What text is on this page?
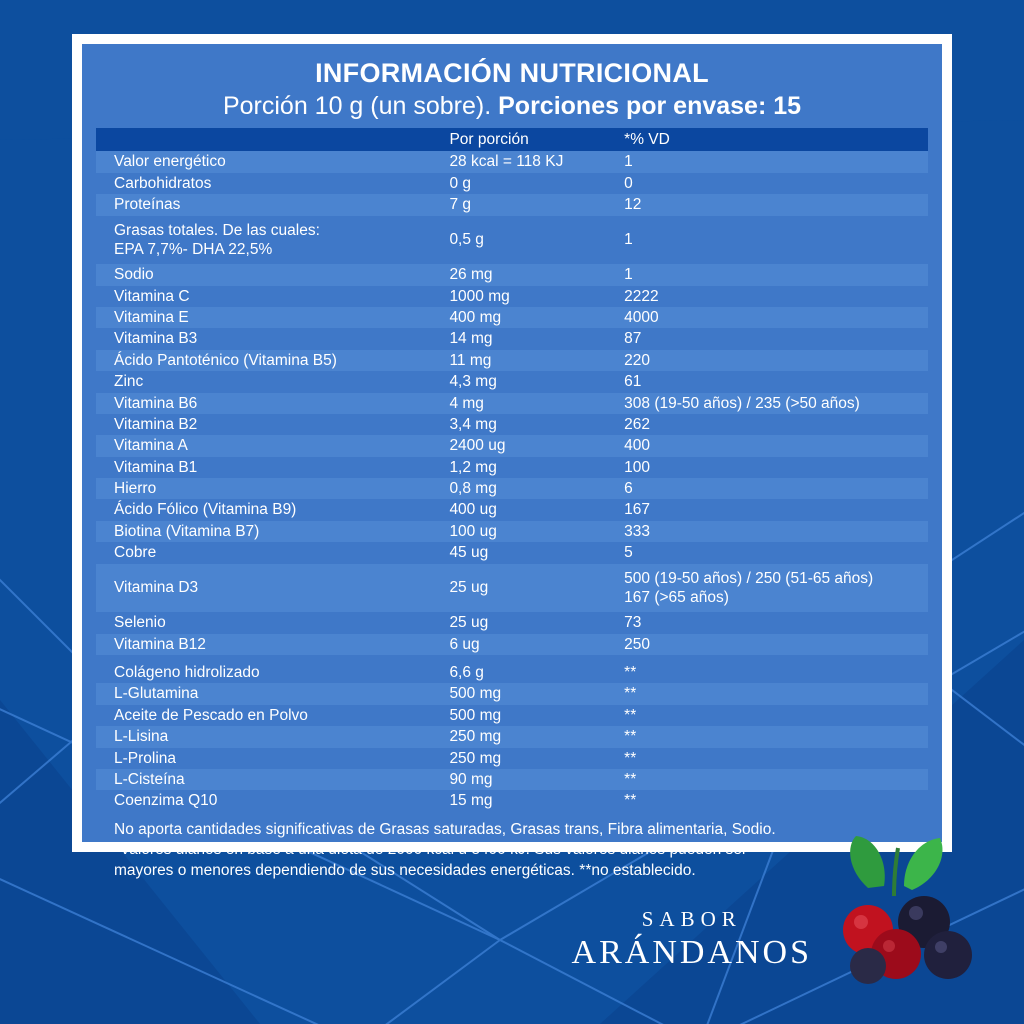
INFORMACIÓN NUTRICIONAL
Porción 10 g (un sobre). Porciones por envase: 15
	Por porción	*% VD
Valor energético	28 kcal = 118 KJ	1
Carbohidratos	0 g	0
Proteínas	7 g	12
Grasas totales. De las cuales:
EPA 7,7%- DHA 22,5%	0,5 g	1
Sodio	26 mg	1
Vitamina C	1000 mg	2222
Vitamina E	400 mg	4000
Vitamina B3	14 mg	87
Ácido Pantoténico (Vitamina B5)	11 mg	220
Zinc	4,3 mg	61
Vitamina B6	4 mg	308 (19-50 años) / 235 (>50 años)
Vitamina B2	3,4 mg	262
Vitamina A	2400 ug	400
Vitamina B1	1,2 mg	100
Hierro	0,8 mg	6
Ácido Fólico (Vitamina B9)	400 ug	167
Biotina (Vitamina B7)	100 ug	333
Cobre	45 ug	5
Vitamina D3	25 ug	500 (19-50 años) / 250 (51-65 años)
167 (>65 años)
Selenio	25 ug	73
Vitamina B12	6 ug	250

Colágeno hidrolizado	6,6 g	**
L-Glutamina	500 mg	**
Aceite de Pescado en Polvo	500 mg	**
L-Lisina	250 mg	**
L-Prolina	250 mg	**
L-Cisteína	90 mg	**
Coenzima Q10	15 mg	**
No aporta cantidades significativas de Grasas saturadas, Grasas trans, Fibra alimentaria, Sodio.
*Valores diarios en base a una dieta de 2000 kcal u 8400 kJ. Sus valores diarios pueden ser
mayores o menores dependiendo de sus necesidades energéticas. **no establecido.
SABOR
ARÁNDANOS
